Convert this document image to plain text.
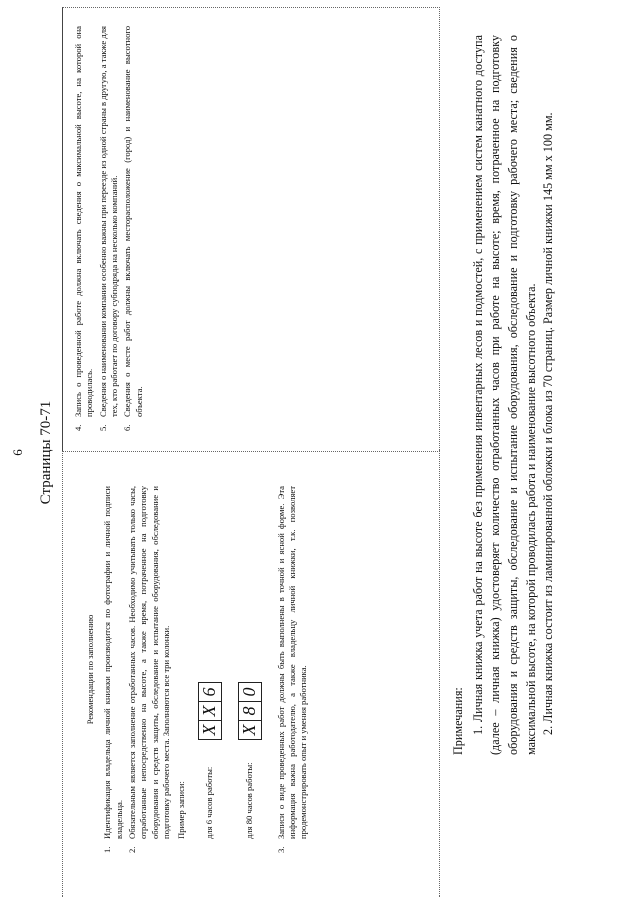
6 Страницы 70-71
Рекомендации по заполнению
1.
Идентификация владельца личной книжки производится по фотографии и личной подписи владельца.
2.
Обязательным является заполнение отработанных часов. Необходимо учитывать только часы, отработанные непосредственно на высоте, а также время, потраченное на подготовку оборудования и средств защиты, обследование и испытание оборудования, обследование и подготовку рабочего места. Заполняются все три колонки. Пример записи: для 6 часов работы:
X
X
6
для 80 часов работы:
X
8
0
3.
Записи о виде проведенных работ должны быть выполнены в точной и ясной форме. Эта информация важна работодателю, а также владельцу личной книжки, т.к. позволяет продемонстрировать опыт и умения работника.
4.
Запись о проведенной работе должна включать сведения о максимальной высоте, на которой она проводилась.
5.
Сведения о наименовании компании особенно важны при переезде из одной страны в другую, а также для тех, кто работает по договору субподряда на несколько компаний.
6.
Сведения о месте работ должны включать месторасположение (город) и наименование высотного объекта.
Примечания: 1. Личная книжка учета работ на высоте без применения инвентарных лесов и подмостей, с применением систем канатного доступа (далее – личная книжка) удостоверяет количество отработанных часов при работе на высоте; время, потраченное на подготовку оборудования и средств защиты, обследование и испытание оборудования, обследование и подготовку рабочего места; сведения о максимальной высоте, на которой проводилась работа и наименование высотного объекта. 2. Личная книжка состоит из ламинированной обложки и блока из 70 страниц. Размер личной книжки 145 мм х 100 мм.
